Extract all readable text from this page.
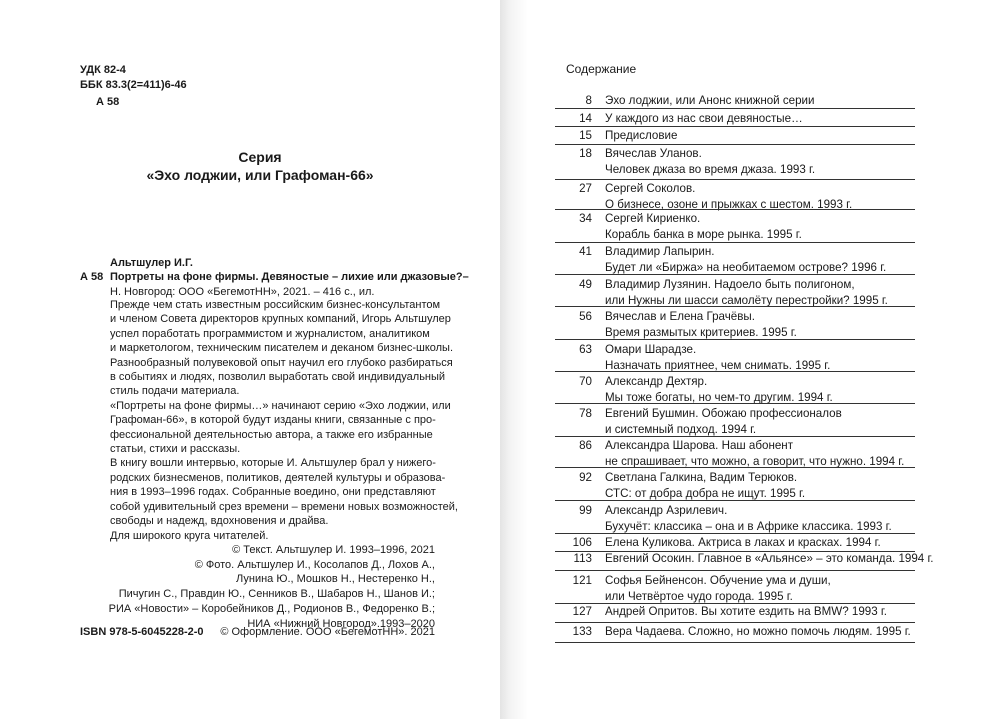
УДК 82-4
ББК 83.3(2=411)6-46
А 58
Серия
«Эхо лоджии, или Графоман-66»
Альтшулер И.Г.
А 58 Портреты на фоне фирмы. Девяностые – лихие или джазовые?–
Н. Новгород: ООО «БегемотНН», 2021. – 416 с., ил.
Прежде чем стать известным российским бизнес-консультантом
и членом Совета директоров крупных компаний, Игорь Альтшулер
успел поработать программистом и журналистом, аналитиком
и маркетологом, техническим писателем и деканом бизнес-школы.
Разнообразный полувековой опыт научил его глубоко разбираться
в событиях и людях, позволил выработать свой индивидуальный
стиль подачи материала.
«Портреты на фоне фирмы…» начинают серию «Эхо лоджии, или
Графоман-66», в которой будут изданы книги, связанные с про-
фессиональной деятельностью автора, а также его избранные
статьи, стихи и рассказы.
В книгу вошли интервью, которые И. Альтшулер брал у нижего-
родских бизнесменов, политиков, деятелей культуры и образова-
ния в 1993–1996 годах. Собранные воедино, они представляют
собой удивительный срез времени – времени новых возможностей,
свободы и надежд, вдохновения и драйва.
Для широкого круга читателей.
© Текст. Альтшулер И. 1993–1996, 2021
© Фото. Альтшулер И., Косолапов Д., Лохов А.,
Лунина Ю., Мошков Н., Нестеренко Н.,
Пичугин С., Правдин Ю., Сенников В., Шабаров Н., Шанов И.;
РИА «Новости» – Коробейников Д., Родионов В., Федоренко В.;
НИА «Нижний Новгород».1993–2020
ISBN 978-5-6045228-2-0 © Оформление. ООО «БегемотНН». 2021
Содержание
8 Эхо лоджии, или Анонс книжной серии
14 У каждого из нас свои девяностые…
15 Предисловие
18 Вячеслав Уланов.
Человек джаза во время джаза. 1993 г.
27 Сергей Соколов.
О бизнесе, озоне и прыжках с шестом. 1993 г.
34 Сергей Кириенко.
Корабль банка в море рынка. 1995 г.
41 Владимир Лапырин.
Будет ли «Биржа» на необитаемом острове? 1996 г.
49 Владимир Лузянин. Надоело быть полигоном,
или Нужны ли шасси самолёту перестройки? 1995 г.
56 Вячеслав и Елена Грачёвы.
Время размытых критериев. 1995 г.
63 Омари Шарадзе.
Назначать приятнее, чем снимать. 1995 г.
70 Александр Дехтяр.
Мы тоже богаты, но чем-то другим. 1994 г.
78 Евгений Бушмин. Обожаю профессионалов
и системный подход. 1994 г.
86 Александра Шарова. Наш абонент
не спрашивает, что можно, а говорит, что нужно. 1994 г.
92 Светлана Галкина, Вадим Терюков.
СТС: от добра добра не ищут. 1995 г.
99 Александр Азрилевич.
Бухучёт: классика – она и в Африке классика. 1993 г.
106 Елена Куликова. Актриса в лаках и красках. 1994 г.
113 Евгений Осокин. Главное в «Альянсе» – это команда. 1994 г.
121 Софья Бейненсон. Обучение ума и души,
или Четвёртое чудо города. 1995 г.
127 Андрей Опритов. Вы хотите ездить на BMW? 1993 г.
133 Вера Чадаева. Сложно, но можно помочь людям. 1995 г.
